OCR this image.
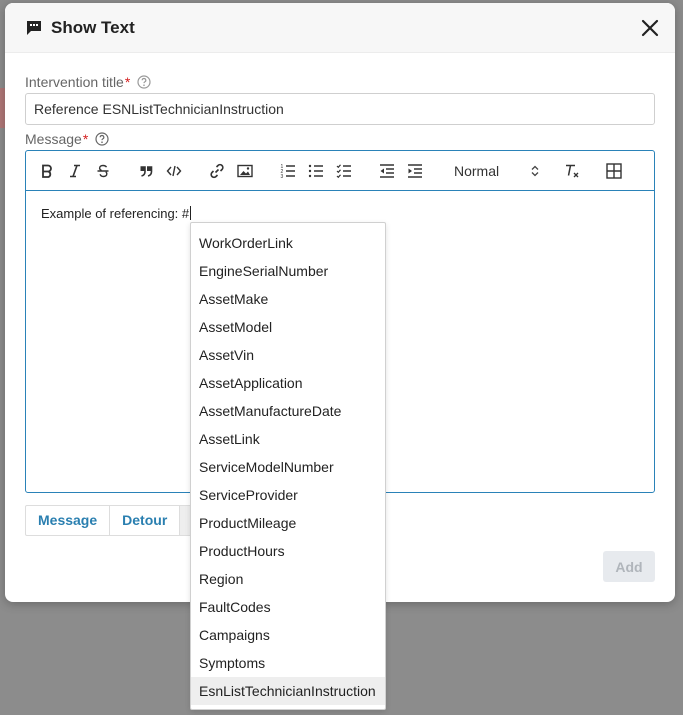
Show Text
Intervention title *
Reference ESNListTechnicianInstruction
Message *
1
2
3	Normal
Example of referencing: #
Message	Detour
Add
WorkOrderLink
EngineSerialNumber
AssetMake
AssetModel
AssetVin
AssetApplication
AssetManufactureDate
AssetLink
ServiceModelNumber
ServiceProvider
ProductMileage
ProductHours
Region
FaultCodes
Campaigns
Symptoms
EsnListTechnicianInstruction
